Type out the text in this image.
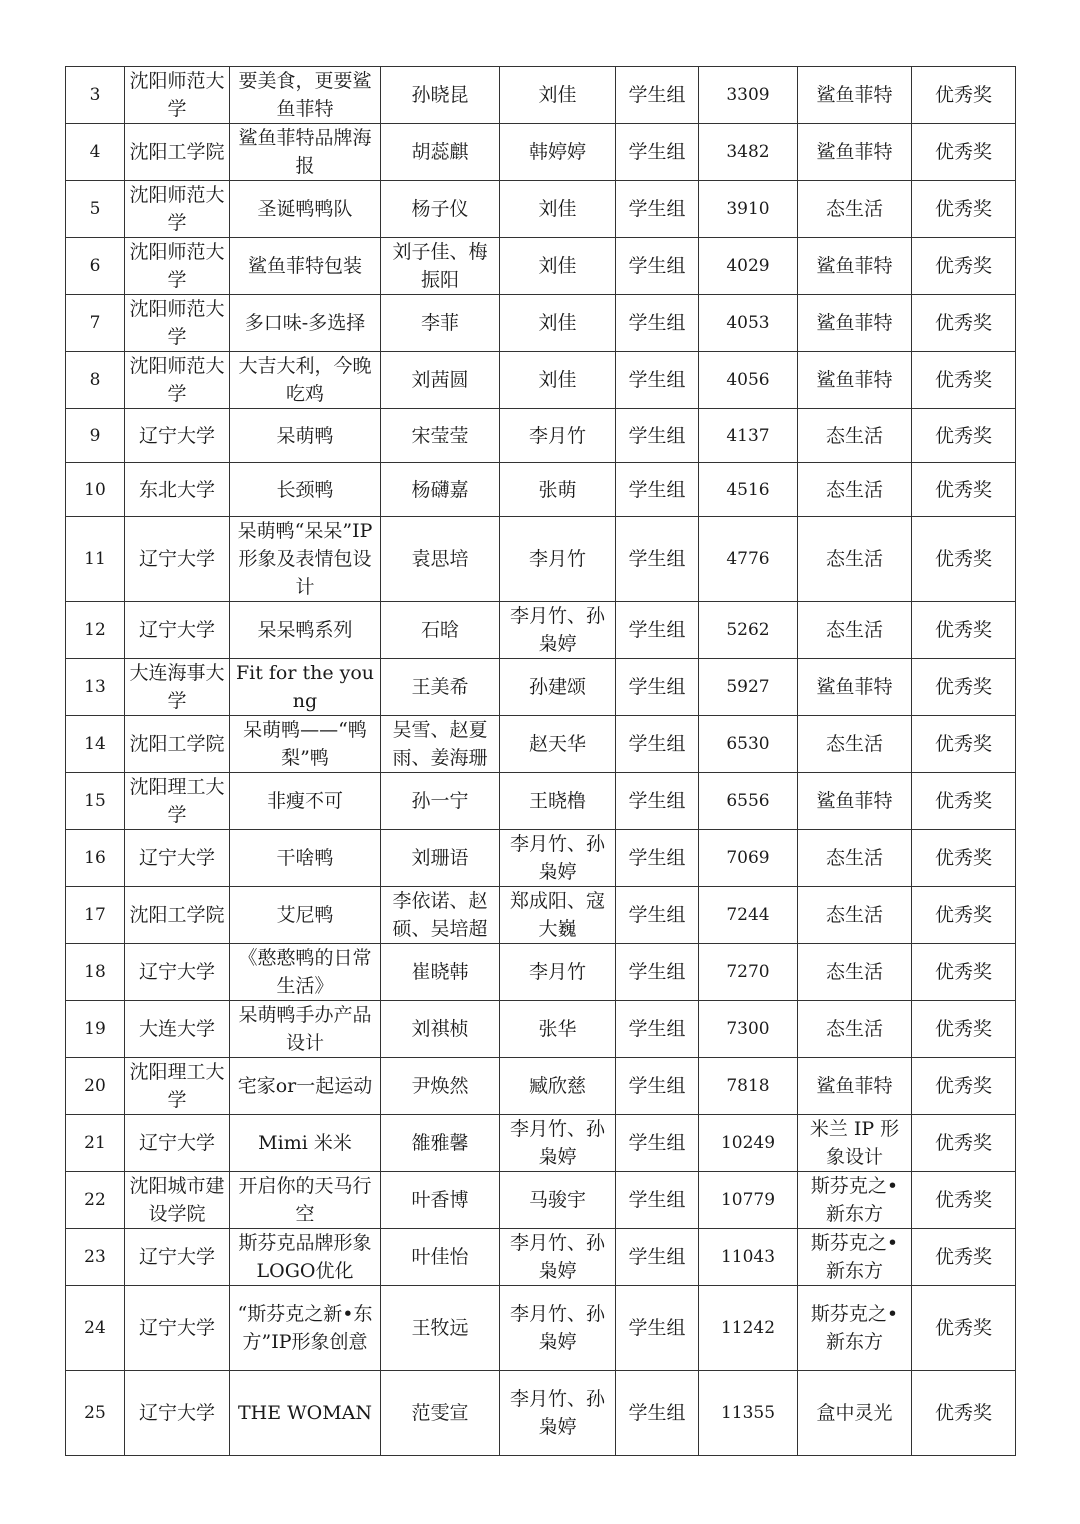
3	沈阳师范大学	要美食，更要鲨鱼菲特	孙晓昆	刘佳	学生组	3309	鲨鱼菲特	优秀奖
4	沈阳工学院	鲨鱼菲特品牌海报	胡蕊麒	韩婷婷	学生组	3482	鲨鱼菲特	优秀奖
5	沈阳师范大学	圣诞鸭鸭队	杨子仪	刘佳	学生组	3910	态生活	优秀奖
6	沈阳师范大学	鲨鱼菲特包装	刘子佳、梅振阳	刘佳	学生组	4029	鲨鱼菲特	优秀奖
7	沈阳师范大学	多口味-多选择	李菲	刘佳	学生组	4053	鲨鱼菲特	优秀奖
8	沈阳师范大学	大吉大利，今晚吃鸡	刘茜圆	刘佳	学生组	4056	鲨鱼菲特	优秀奖
9	辽宁大学	呆萌鸭	宋莹莹	李月竹	学生组	4137	态生活	优秀奖
10	东北大学	长颈鸭	杨礴嘉	张萌	学生组	4516	态生活	优秀奖
11	辽宁大学	呆萌鸭“呆呆”IP形象及表情包设计	袁思培	李月竹	学生组	4776	态生活	优秀奖
12	辽宁大学	呆呆鸭系列	石晗	李月竹、孙枭婷	学生组	5262	态生活	优秀奖
13	大连海事大学	Fit for the young	王美希	孙建颂	学生组	5927	鲨鱼菲特	优秀奖
14	沈阳工学院	呆萌鸭——“鸭梨”鸭	吴雪、赵夏雨、姜海珊	赵天华	学生组	6530	态生活	优秀奖
15	沈阳理工大学	非瘦不可	孙一宁	王晓橹	学生组	6556	鲨鱼菲特	优秀奖
16	辽宁大学	干啥鸭	刘珊语	李月竹、孙枭婷	学生组	7069	态生活	优秀奖
17	沈阳工学院	艾尼鸭	李依诺、赵硕、吴培超	郑成阳、寇大巍	学生组	7244	态生活	优秀奖
18	辽宁大学	《憨憨鸭的日常生活》	崔晓韩	李月竹	学生组	7270	态生活	优秀奖
19	大连大学	呆萌鸭手办产品设计	刘祺桢	张华	学生组	7300	态生活	优秀奖
20	沈阳理工大学	宅家or一起运动	尹焕然	臧欣慈	学生组	7818	鲨鱼菲特	优秀奖
21	辽宁大学	Mimi 米米	雒雅馨	李月竹、孙枭婷	学生组	10249	米兰 IP 形象设计	优秀奖
22	沈阳城市建设学院	开启你的天马行空	叶香博	马骏宇	学生组	10779	斯芬克之•新东方	优秀奖
23	辽宁大学	斯芬克品牌形象LOGO优化	叶佳怡	李月竹、孙枭婷	学生组	11043	斯芬克之•新东方	优秀奖
24	辽宁大学	“斯芬克之新•东方”IP形象创意	王牧远	李月竹、孙枭婷	学生组	11242	斯芬克之•新东方	优秀奖
25	辽宁大学	THE WOMAN	范雯宣	李月竹、孙枭婷	学生组	11355	盒中灵光	优秀奖
